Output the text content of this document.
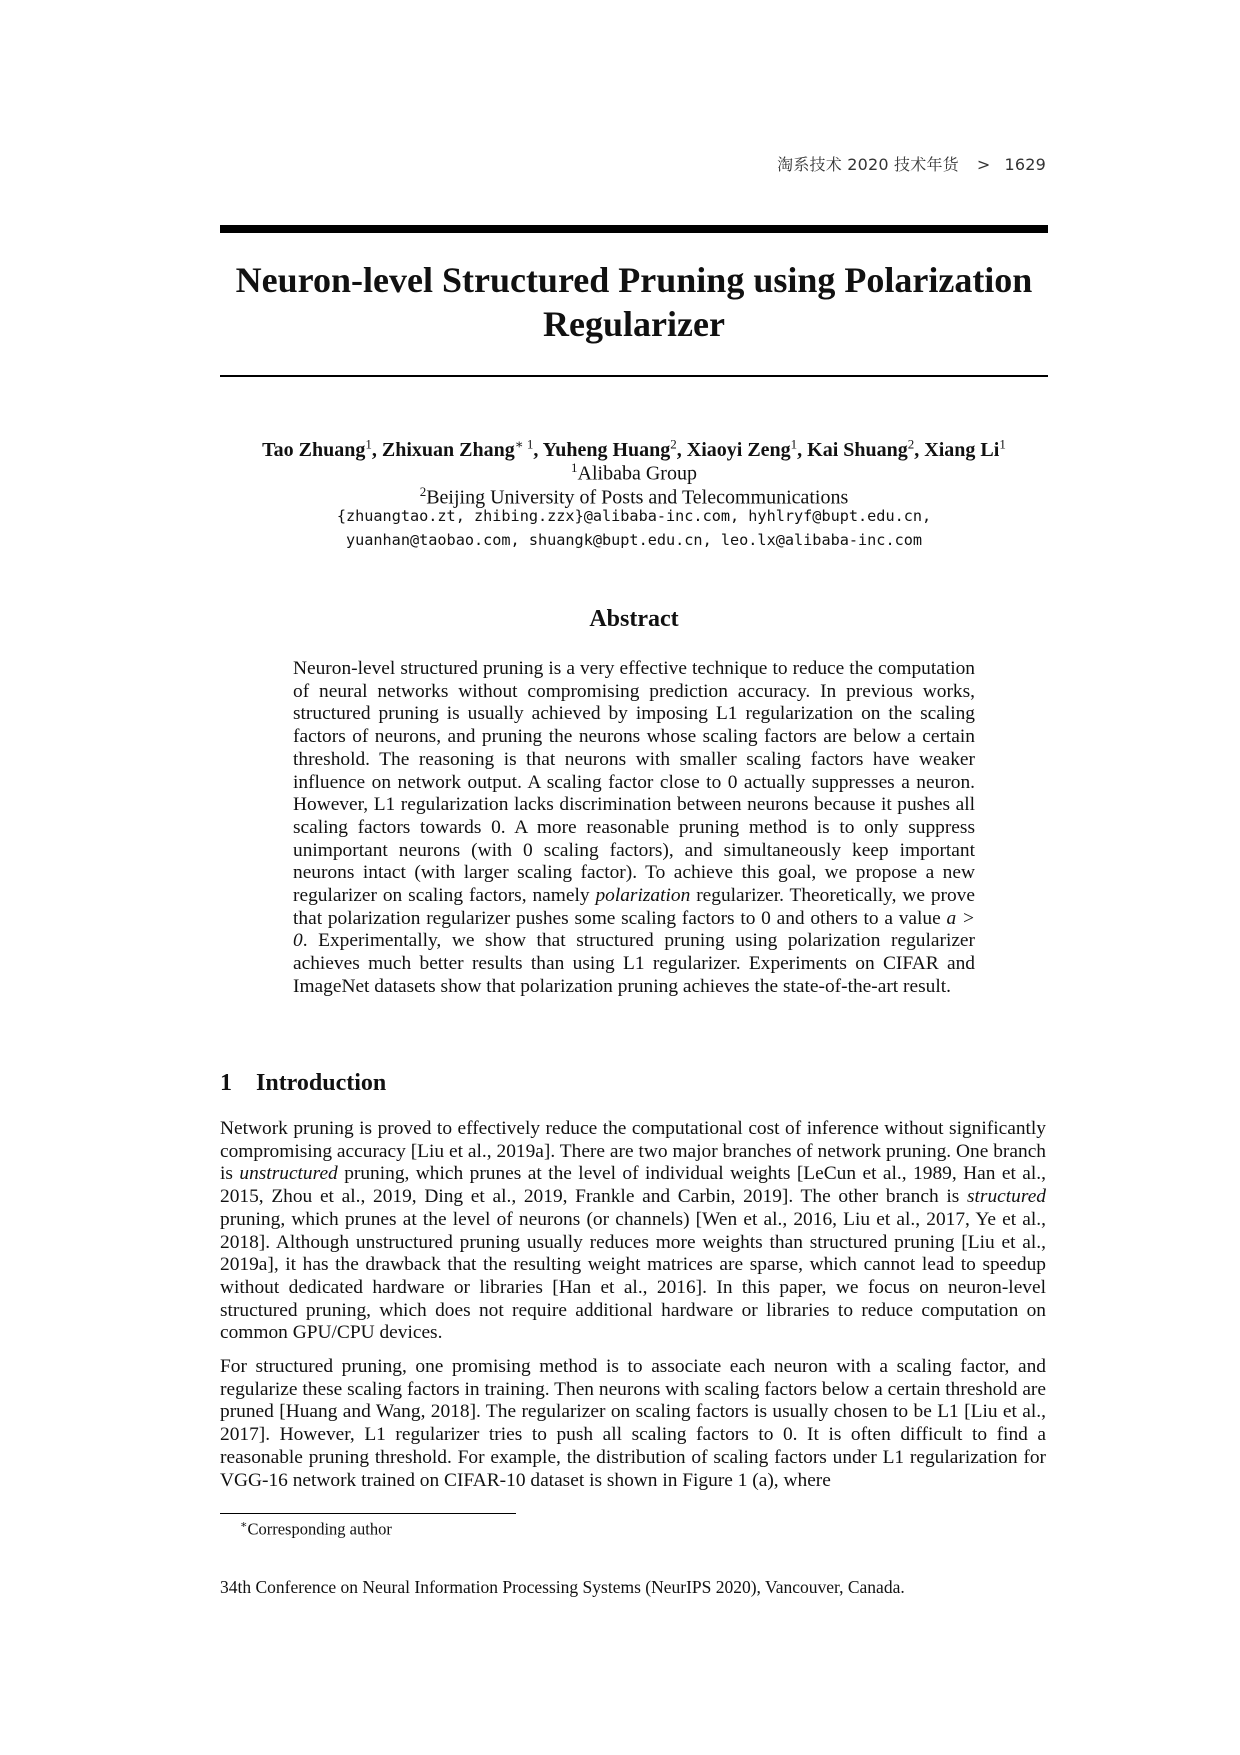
淘系技术 2020 技术年货 > 1629
Neuron-level Structured Pruning using Polarization
Regularizer
Tao Zhuang$^1$, Zhixuan Zhang$^{∗ 1}$, Yuheng Huang$^2$, Xiaoyi Zeng$^1$, Kai Shuang$^2$, Xiang Li$^1$
$^1$Alibaba Group
$^2$Beijing University of Posts and Telecommunications
{zhuangtao.zt, zhibing.zzx}@alibaba-inc.com, hyhlryf@bupt.edu.cn,
yuanhan@taobao.com, shuangk@bupt.edu.cn, leo.lx@alibaba-inc.com
Abstract
Neuron-level structured pruning is a very effective technique to reduce the computation of neural networks without compromising prediction accuracy. In previous works, structured pruning is usually achieved by imposing L1 regularization on the scaling factors of neurons, and pruning the neurons whose scaling factors are below a certain threshold. The reasoning is that neurons with smaller scaling factors have weaker influence on network output. A scaling factor close to 0 actually suppresses a neuron. However, L1 regularization lacks discrimination between neurons because it pushes all scaling factors towards 0. A more reasonable pruning method is to only suppress unimportant neurons (with 0 scaling factors), and simultaneously keep important neurons intact (with larger scaling factor). To achieve this goal, we propose a new regularizer on scaling factors, namely polarization regularizer. Theoretically, we prove that polarization regularizer pushes some scaling factors to 0 and others to a value a > 0. Experimentally, we show that structured pruning using polarization regularizer achieves much better results than using L1 regularizer. Experiments on CIFAR and ImageNet datasets show that polarization pruning achieves the state-of-the-art result.
1 Introduction

Network pruning is proved to effectively reduce the computational cost of inference without significantly compromising accuracy [Liu et al., 2019a]. There are two major branches of network pruning. One branch is unstructured pruning, which prunes at the level of individual weights [LeCun et al., 1989, Han et al., 2015, Zhou et al., 2019, Ding et al., 2019, Frankle and Carbin, 2019]. The other branch is structured pruning, which prunes at the level of neurons (or channels) [Wen et al., 2016, Liu et al., 2017, Ye et al., 2018]. Although unstructured pruning usually reduces more weights than structured pruning [Liu et al., 2019a], it has the drawback that the resulting weight matrices are sparse, which cannot lead to speedup without dedicated hardware or libraries [Han et al., 2016]. In this paper, we focus on neuron-level structured pruning, which does not require additional hardware or libraries to reduce computation on common GPU/CPU devices.

For structured pruning, one promising method is to associate each neuron with a scaling factor, and regularize these scaling factors in training. Then neurons with scaling factors below a certain threshold are pruned [Huang and Wang, 2018]. The regularizer on scaling factors is usually chosen to be L1 [Liu et al., 2017]. However, L1 regularizer tries to push all scaling factors to 0. It is often difficult to find a reasonable pruning threshold. For example, the distribution of scaling factors under L1 regularization for VGG-16 network trained on CIFAR-10 dataset is shown in Figure 1 (a), where

∗Corresponding author
34th Conference on Neural Information Processing Systems (NeurIPS 2020), Vancouver, Canada.
